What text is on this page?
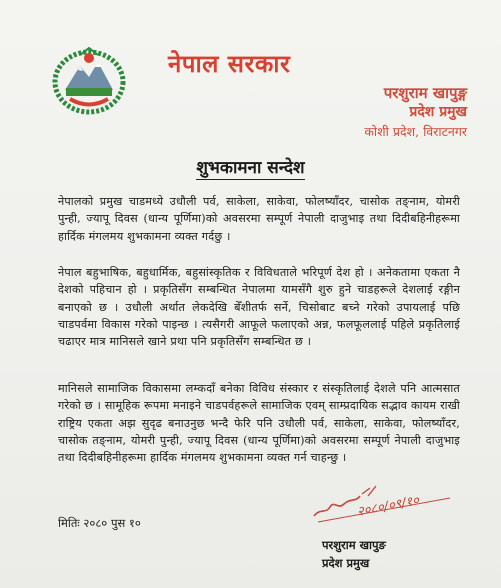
नेपाल सरकार
परशुराम खापुङ्ग
प्रदेश प्रमुख
कोशी प्रदेश, विराटनगर
शुभकामना सन्देश
नेपालको प्रमुख चाडमध्ये उधौली पर्व, साकेला, साकेवा, फोलष्याँदर, चासोक तङ्नाम, योमरी पुन्ही, ज्यापू दिवस (धान्य पूर्णिमा)को अवसरमा सम्पूर्ण नेपाली दाजुभाइ तथा दिदीबहिनीहरूमा हार्दिक मंगलमय शुभकामना व्यक्त गर्दछु ।
नेपाल बहुभाषिक, बहुधार्मिक, बहुसांस्कृतिक र विविधताले भरिपूर्ण देश हो । अनेकतामा एकता नै देशको पहिचान हो । प्रकृतिसँग सम्बन्धित नेपालमा यामसँगै शुरु हुने चाडहरूले देशलाई रङ्गीन बनाएको छ । उधौली अर्थात लेकदेखि बेँशीतर्फ सर्ने, चिसोबाट बच्ने गरेको उपायलाई पछि चाडपर्वमा विकास गरेको पाइन्छ । त्यसैगरी आफूले फलाएको अन्न, फलफूललाई पहिले प्रकृतिलाई चढाएर मात्र मानिसले खाने प्रथा पनि प्रकृतिसँग सम्बन्धित छ ।
मानिसले सामाजिक विकासमा लम्कदाँ बनेका विविध संस्कार र संस्कृतिलाई देशले पनि आत्मसात गरेको छ । सामूहिक रूपमा मनाइने चाडपर्वहरूले सामाजिक एवम् साम्प्रदायिक सद्भाव कायम राखी राष्ट्रिय एकता अझ सुदृढ बनाउनुछ भन्दै फेरि पनि उधौली पर्व, साकेला, साकेवा, फोलष्याँदर, चासोक तङ्नाम, योमरी पुन्ही, ज्यापू दिवस (धान्य पूर्णिमा)को अवसरमा सम्पूर्ण नेपाली दाजुभाइ तथा दिदीबहिनीहरूमा हार्दिक मंगलमय शुभकामना व्यक्त गर्न चाहन्छु ।
मितिः २०८० पुस १०
२०८०/०९/१०
परशुराम खापुङ
प्रदेश प्रमुख
